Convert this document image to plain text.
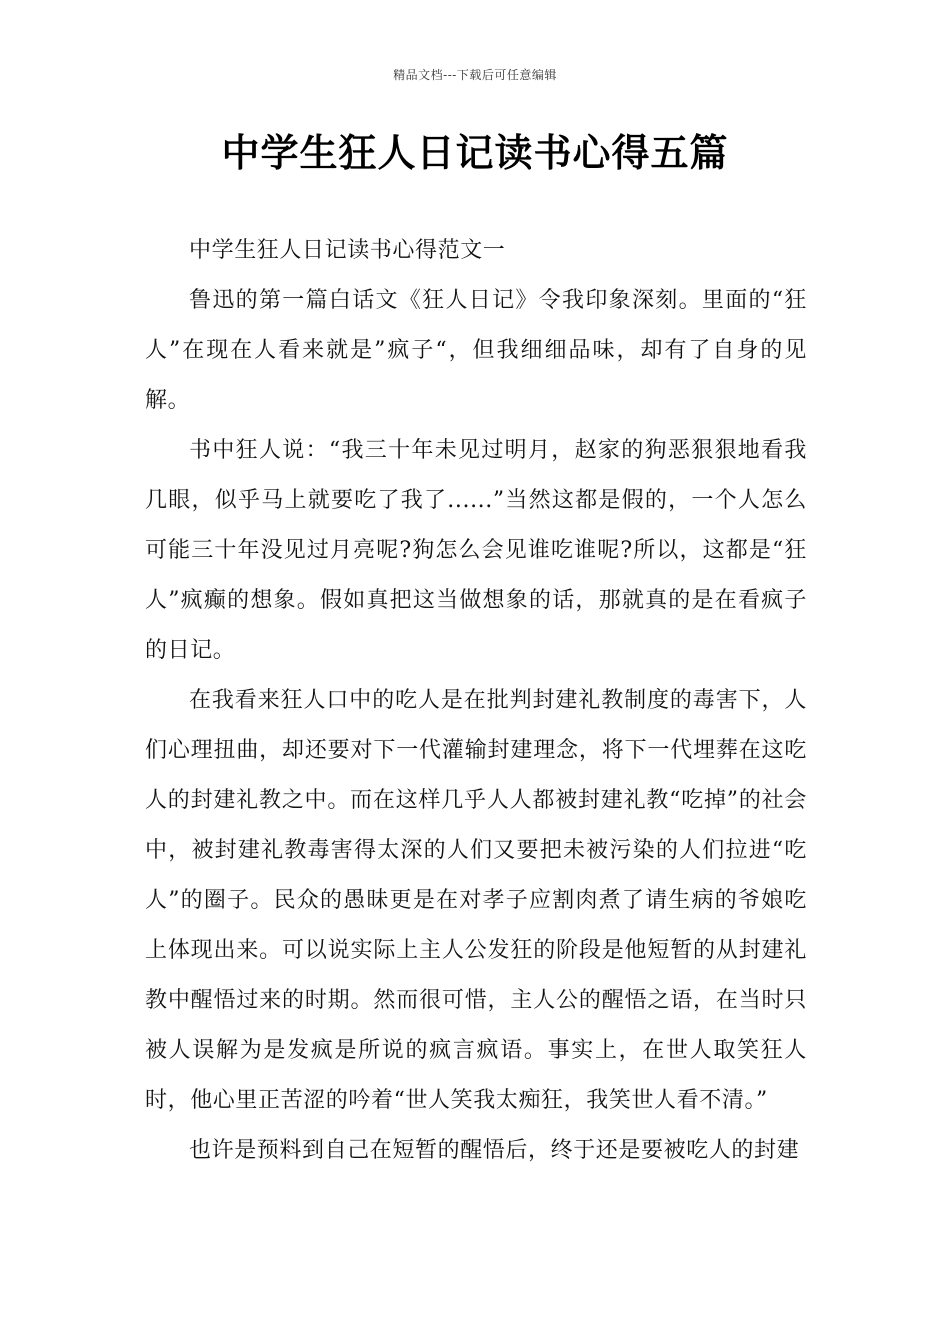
精品文档---下载后可任意编辑
中学生狂人日记读书心得五篇

中学生狂人日记读书心得范文一

鲁迅的第一篇白话文《狂人日记》令我印象深刻。里面的“狂人”在现在人看来就是”疯子“，但我细细品味，却有了自身的见解。

书中狂人说：“我三十年未见过明月，赵家的狗恶狠狠地看我几眼，似乎马上就要吃了我了......”当然这都是假的，一个人怎么可能三十年没见过月亮呢?狗怎么会见谁吃谁呢?所以，这都是“狂人”疯癫的想象。假如真把这当做想象的话，那就真的是在看疯子的日记。

在我看来狂人口中的吃人是在批判封建礼教制度的毒害下，人们心理扭曲，却还要对下一代灌输封建理念，将下一代埋葬在这吃人的封建礼教之中。而在这样几乎人人都被封建礼教“吃掉”的社会中，被封建礼教毒害得太深的人们又要把未被污染的人们拉进“吃人”的圈子。民众的愚昧更是在对孝子应割肉煮了请生病的爷娘吃上体现出来。可以说实际上主人公发狂的阶段是他短暂的从封建礼教中醒悟过来的时期。然而很可惜，主人公的醒悟之语，在当时只被人误解为是发疯是所说的疯言疯语。事实上，在世人取笑狂人时，他心里正苦涩的吟着“世人笑我太痴狂，我笑世人看不清。”

也许是预料到自己在短暂的醒悟后，终于还是要被吃人的封建
